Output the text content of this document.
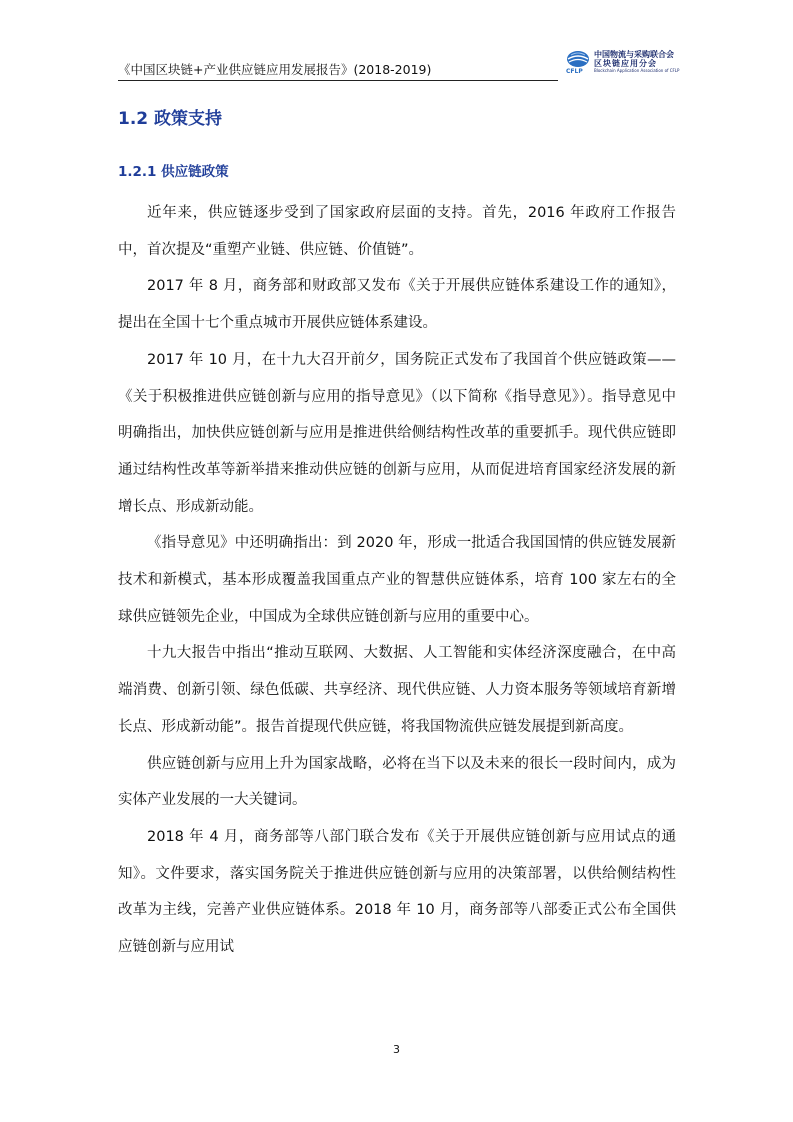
《中国区块链+产业供应链应用发展报告》(2018-2019)	CFLP
中国物流与采购联合会
区块链应用分会
Blockchain Application Association of CFLP
1.2 政策支持
1.2.1 供应链政策

近年来，供应链逐步受到了国家政府层面的支持。首先，2016 年政府工作报告中，首次提及“重塑产业链、供应链、价值链”。

2017 年 8 月，商务部和财政部又发布《关于开展供应链体系建设工作的通知》，提出在全国十七个重点城市开展供应链体系建设。

2017 年 10 月，在十九大召开前夕，国务院正式发布了我国首个供应链政策——《关于积极推进供应链创新与应用的指导意见》（以下简称《指导意见》）。指导意见中明确指出，加快供应链创新与应用是推进供给侧结构性改革的重要抓手。现代供应链即通过结构性改革等新举措来推动供应链的创新与应用，从而促进培育国家经济发展的新增长点、形成新动能。

《指导意见》中还明确指出：到 2020 年，形成一批适合我国国情的供应链发展新技术和新模式，基本形成覆盖我国重点产业的智慧供应链体系，培育 100 家左右的全球供应链领先企业，中国成为全球供应链创新与应用的重要中心。

十九大报告中指出“推动互联网、大数据、人工智能和实体经济深度融合，在中高端消费、创新引领、绿色低碳、共享经济、现代供应链、人力资本服务等领域培育新增长点、形成新动能”。报告首提现代供应链，将我国物流供应链发展提到新高度。

供应链创新与应用上升为国家战略，必将在当下以及未来的很长一段时间内，成为实体产业发展的一大关键词。

2018 年 4 月，商务部等八部门联合发布《关于开展供应链创新与应用试点的通知》。文件要求，落实国务院关于推进供应链创新与应用的决策部署，以供给侧结构性改革为主线，完善产业供应链体系。2018 年 10 月，商务部等八部委正式公布全国供应链创新与应用试

3
